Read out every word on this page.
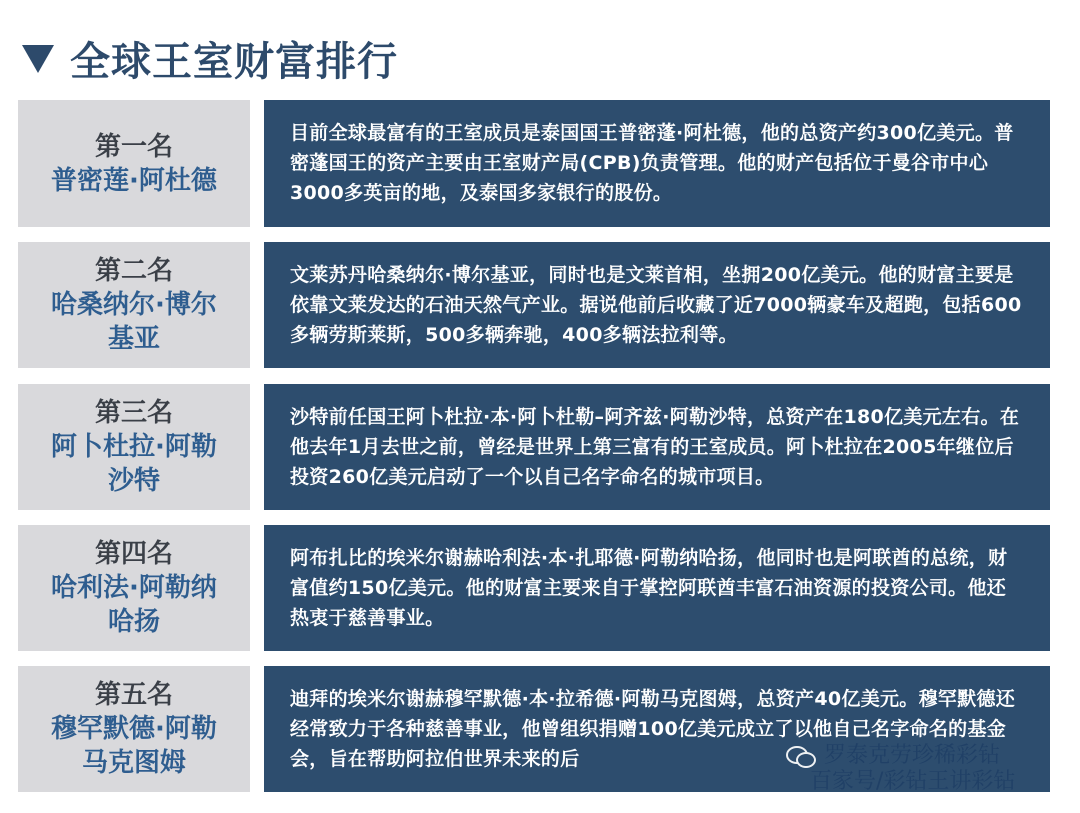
全球王室财富排行
第一名
普密莲·阿杜德
目前全球最富有的王室成员是泰国国王普密蓬·阿杜德，他的总资产约300亿美元。普密蓬国王的资产主要由王室财产局(CPB)负责管理。他的财产包括位于曼谷市中心3000多英亩的地，及泰国多家银行的股份。
第二名
哈桑纳尔·博尔
基亚
文莱苏丹哈桑纳尔·博尔基亚，同时也是文莱首相，坐拥200亿美元。他的财富主要是依靠文莱发达的石油天然气产业。据说他前后收藏了近7000辆豪车及超跑，包括600多辆劳斯莱斯，500多辆奔驰，400多辆法拉利等。
第三名
阿卜杜拉·阿勒
沙特
沙特前任国王阿卜杜拉·本·阿卜杜勒–阿齐兹·阿勒沙特，总资产在180亿美元左右。在他去年1月去世之前，曾经是世界上第三富有的王室成员。阿卜杜拉在2005年继位后投资260亿美元启动了一个以自己名字命名的城市项目。
第四名
哈利法·阿勒纳
哈扬
阿布扎比的埃米尔谢赫哈利法·本·扎耶德·阿勒纳哈扬，他同时也是阿联酋的总统，财富值约150亿美元。他的财富主要来自于掌控阿联酋丰富石油资源的投资公司。他还热衷于慈善事业。
第五名
穆罕默德·阿勒
马克图姆
迪拜的埃米尔谢赫穆罕默德·本·拉希德·阿勒马克图姆，总资产40亿美元。穆罕默德还经常致力于各种慈善事业，他曾组织捐赠100亿美元成立了以他自己名字命名的基金会，旨在帮助阿拉伯世界未来的后	罗泰克劳珍稀彩钻
百家号/彩钻王讲彩钻
